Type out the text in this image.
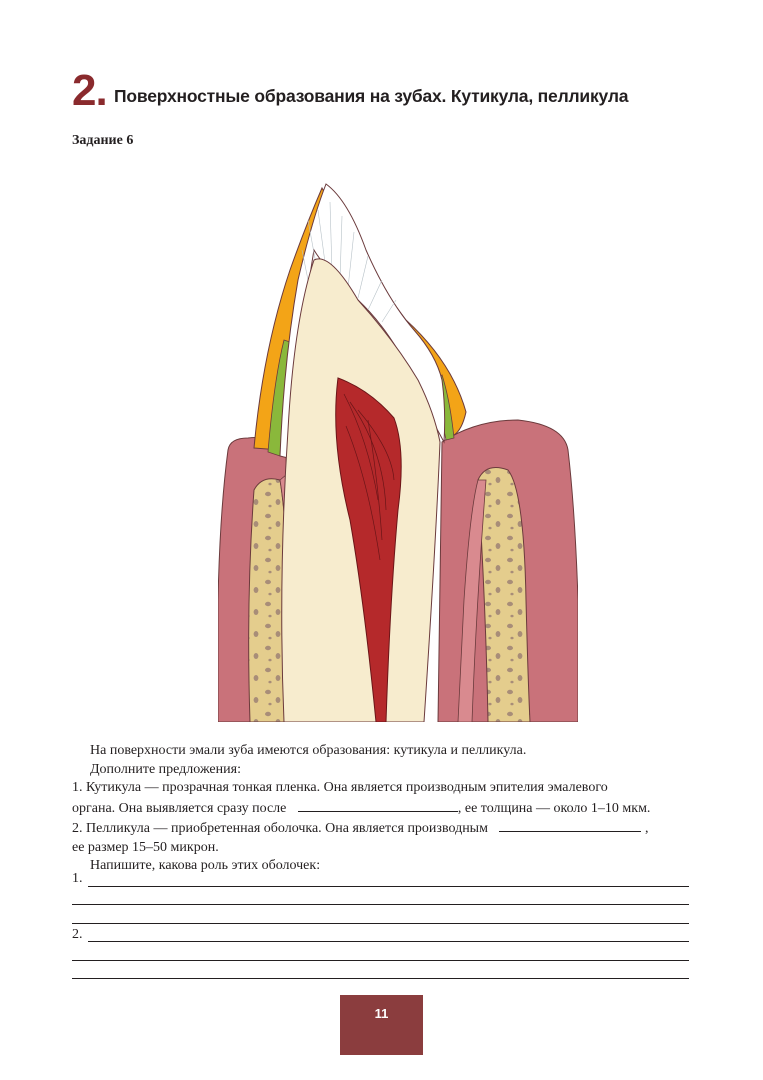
2. Поверхностные образования на зубах. Кутикула, пелликула
Задание 6

На поверхности эмали зуба имеются образования: кутикула и пелликула.

Дополните предложения:

1. Кутикула — прозрачная тонкая пленка. Она является производным эпителия эмалевого

органа. Она выявляется сразу после	, ее толщина — около 1–10 мкм.

2. Пелликула — приобретенная оболочка. Она является производным	,

ее размер 15–50 микрон.

Напишите, какова роль этих оболочек:

1.
2.
11
